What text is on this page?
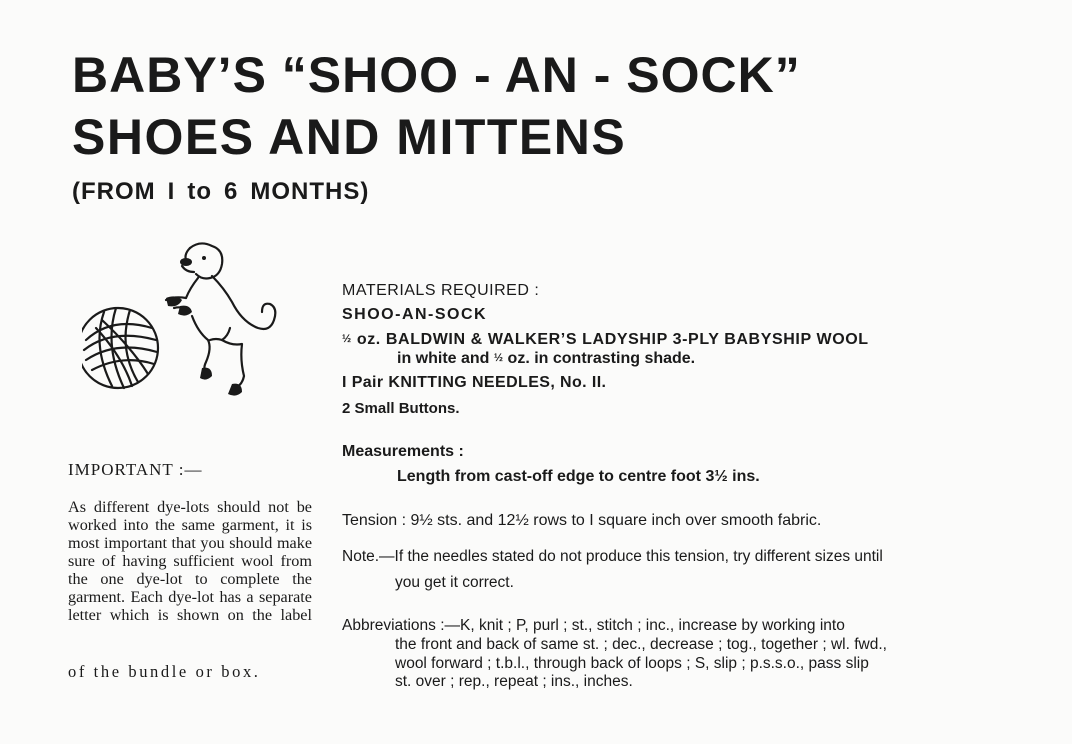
BABY’S “SHOO - AN - SOCK”
SHOES AND MITTENS
(FROM I to 6 MONTHS)
IMPORTANT :—
As different dye-lots should not be worked into the same garment, it is most important that you should make sure of having sufficient wool from the one dye-lot to complete the garment. Each dye-lot has a separate letter which is shown on the label
of the bundle or box.
MATERIALS REQUIRED :
SHOO-AN-SOCK
½ oz. BALDWIN & WALKER’S LADYSHIP 3-PLY BABYSHIP WOOL
in white and ½ oz. in contrasting shade.
I Pair KNITTING NEEDLES, No. II.
2 Small Buttons.
Measurements :
Length from cast-off edge to centre foot 3½ ins.
Tension : 9½ sts. and 12½ rows to I square inch over smooth fabric.
Note.—If the needles stated do not produce this tension, try different sizes until
you get it correct.
Abbreviations :—K, knit ; P, purl ; st., stitch ; inc., increase by working into
the front and back of same st. ; dec., decrease ; tog., together ; wl. fwd.,
wool forward ; t.b.l., through back of loops ; S, slip ; p.s.s.o., pass slip
st. over ; rep., repeat ; ins., inches.
